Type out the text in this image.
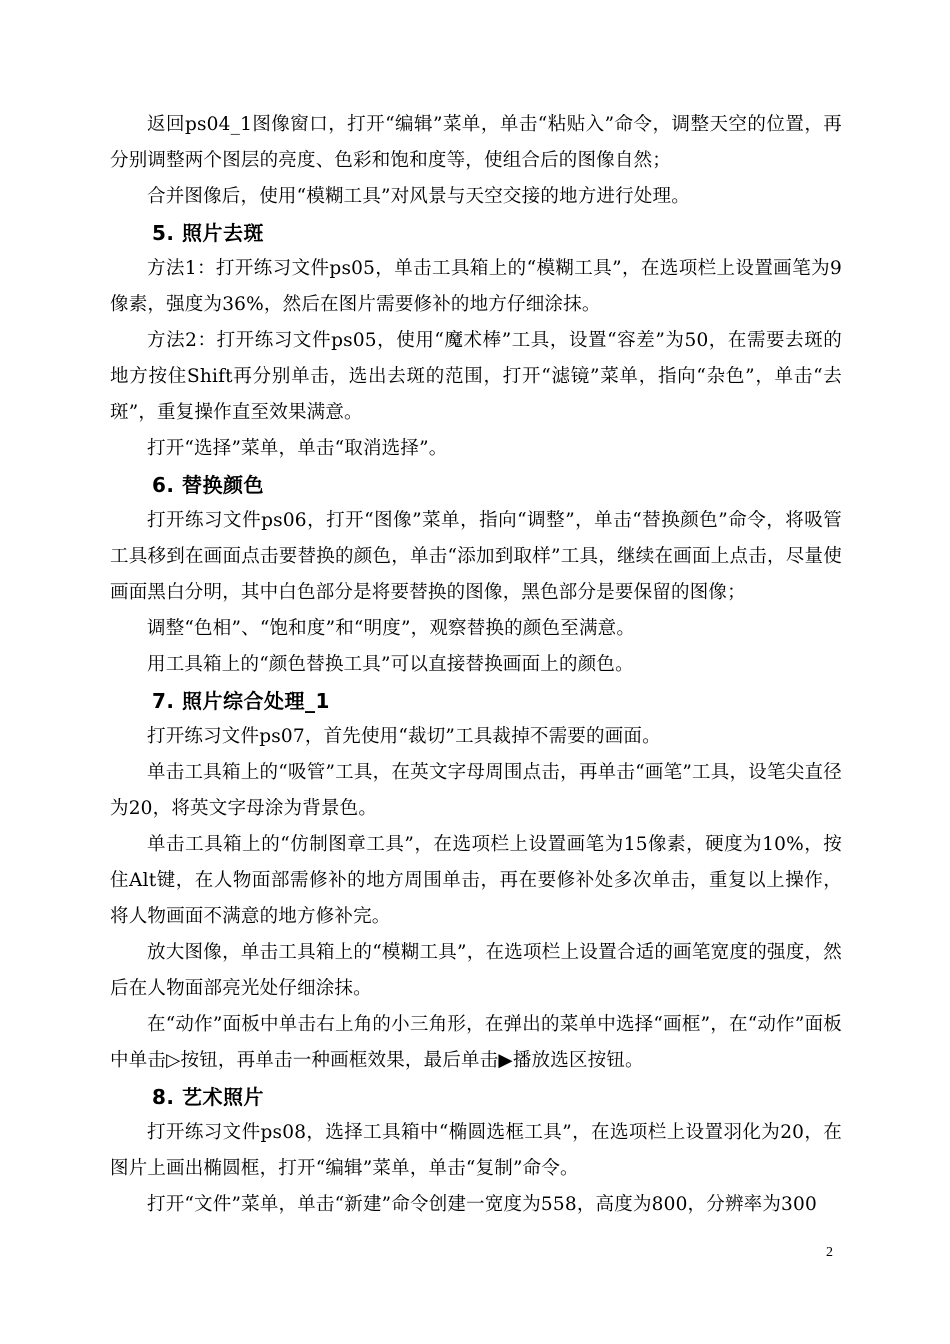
返回ps04_1图像窗口，打开“编辑”菜单，单击“粘贴入”命令，调整天空的位置，再分别调整两个图层的亮度、色彩和饱和度等，使组合后的图像自然；

合并图像后，使用“模糊工具”对风景与天空交接的地方进行处理。

5. 照片去斑

方法1：打开练习文件ps05，单击工具箱上的“模糊工具”，在选项栏上设置画笔为9像素，强度为36%，然后在图片需要修补的地方仔细涂抹。

方法2：打开练习文件ps05，使用“魔术棒”工具，设置“容差”为50，在需要去斑的地方按住Shift再分别单击，选出去斑的范围，打开“滤镜”菜单，指向“杂色”，单击“去斑”，重复操作直至效果满意。

打开“选择”菜单，单击“取消选择”。

6. 替换颜色

打开练习文件ps06，打开“图像”菜单，指向“调整”，单击“替换颜色”命令，将吸管工具移到在画面点击要替换的颜色，单击“添加到取样”工具，继续在画面上点击，尽量使画面黑白分明，其中白色部分是将要替换的图像，黑色部分是要保留的图像；

调整“色相”、“饱和度”和“明度”，观察替换的颜色至满意。

用工具箱上的“颜色替换工具”可以直接替换画面上的颜色。

7. 照片综合处理_1

打开练习文件ps07，首先使用“裁切”工具裁掉不需要的画面。

单击工具箱上的“吸管”工具，在英文字母周围点击，再单击“画笔”工具，设笔尖直径为20，将英文字母涂为背景色。

单击工具箱上的“仿制图章工具”，在选项栏上设置画笔为15像素，硬度为10%，按住Alt键，在人物面部需修补的地方周围单击，再在要修补处多次单击，重复以上操作，将人物画面不满意的地方修补完。

放大图像，单击工具箱上的“模糊工具”，在选项栏上设置合适的画笔宽度的强度，然后在人物面部亮光处仔细涂抹。

在“动作”面板中单击右上角的小三角形，在弹出的菜单中选择“画框”，在“动作”面板中单击▷按钮，再单击一种画框效果，最后单击▶播放选区按钮。

8. 艺术照片

打开练习文件ps08，选择工具箱中“椭圆选框工具”，在选项栏上设置羽化为20，在图片上画出椭圆框，打开“编辑”菜单，单击“复制”命令。

打开“文件”菜单，单击“新建”命令创建一宽度为558，高度为800，分辨率为300

2
